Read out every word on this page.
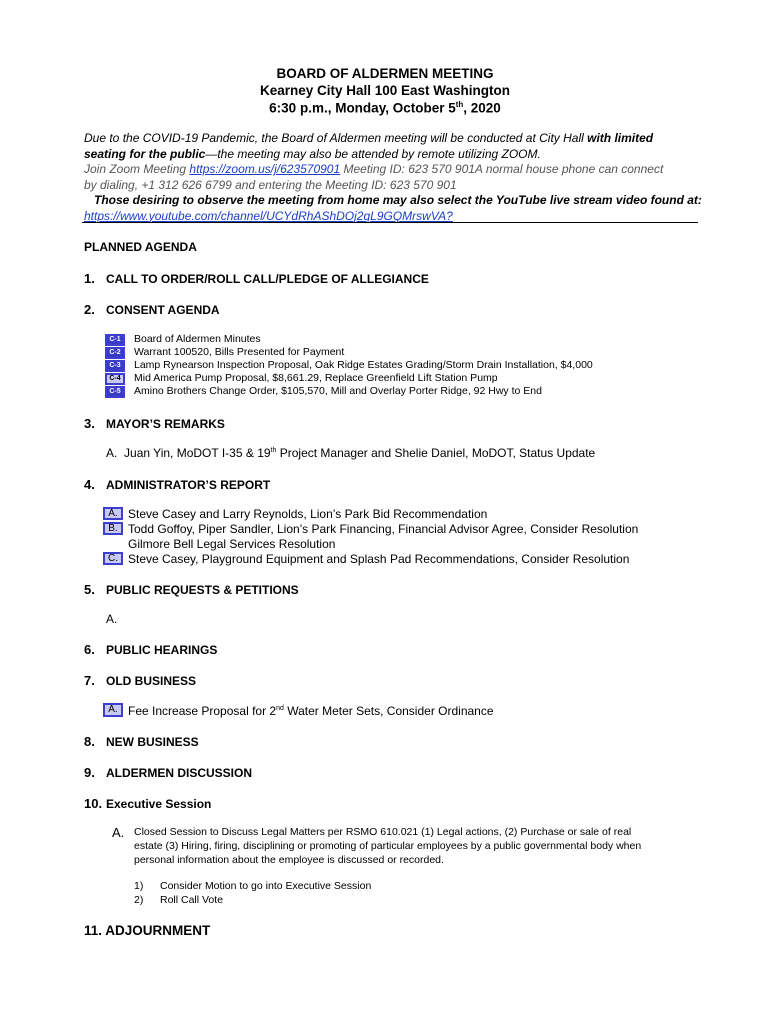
BOARD OF ALDERMEN MEETING
Kearney City Hall 100 East Washington
6:30 p.m., Monday, October 5th, 2020
Due to the COVID-19 Pandemic, the Board of Aldermen meeting will be conducted at City Hall with limited
seating for the public—the meeting may also be attended by remote utilizing ZOOM.
Join Zoom Meeting https://zoom.us/j/623570901 Meeting ID: 623 570 901A normal house phone can connect
by dialing, +1 312 626 6799 and entering the Meeting ID: 623 570 901
Those desiring to observe the meeting from home may also select the YouTube live stream video found at:
https://www.youtube.com/channel/UCYdRhAShDOj2qL9GQMrswVA?
PLANNED AGENDA
1. CALL TO ORDER/ROLL CALL/PLEDGE OF ALLEGIANCE
2. CONSENT AGENDA
C-1	Board of Aldermen Minutes
C-2	Warrant 100520, Bills Presented for Payment
C-3	Lamp Rynearson Inspection Proposal, Oak Ridge Estates Grading/Storm Drain Installation, $4,000
C-4	Mid America Pump Proposal, $8,661.29, Replace Greenfield Lift Station Pump
C-5	Amino Brothers Change Order, $105,570, Mill and Overlay Porter Ridge, 92 Hwy to End
3. MAYOR’S REMARKS
A. Juan Yin, MoDOT I-35 & 19th Project Manager and Shelie Daniel, MoDOT, Status Update
4. ADMINISTRATOR’S REPORT
A. Steve Casey and Larry Reynolds, Lion’s Park Bid Recommendation
B. Todd Goffoy, Piper Sandler, Lion’s Park Financing, Financial Advisor Agree, Consider Resolution
Gilmore Bell Legal Services Resolution
C. Steve Casey, Playground Equipment and Splash Pad Recommendations, Consider Resolution
5. PUBLIC REQUESTS & PETITIONS
A.
6. PUBLIC HEARINGS
7. OLD BUSINESS
A. Fee Increase Proposal for 2nd Water Meter Sets, Consider Ordinance
8. NEW BUSINESS
9. ALDERMEN DISCUSSION
10. Executive Session
A. Closed Session to Discuss Legal Matters per RSMO 610.021 (1) Legal actions, (2) Purchase or sale of real
estate (3) Hiring, firing, disciplining or promoting of particular employees by a public governmental body when
personal information about the employee is discussed or recorded.
1) Consider Motion to go into Executive Session
2) Roll Call Vote
11. ADJOURNMENT
